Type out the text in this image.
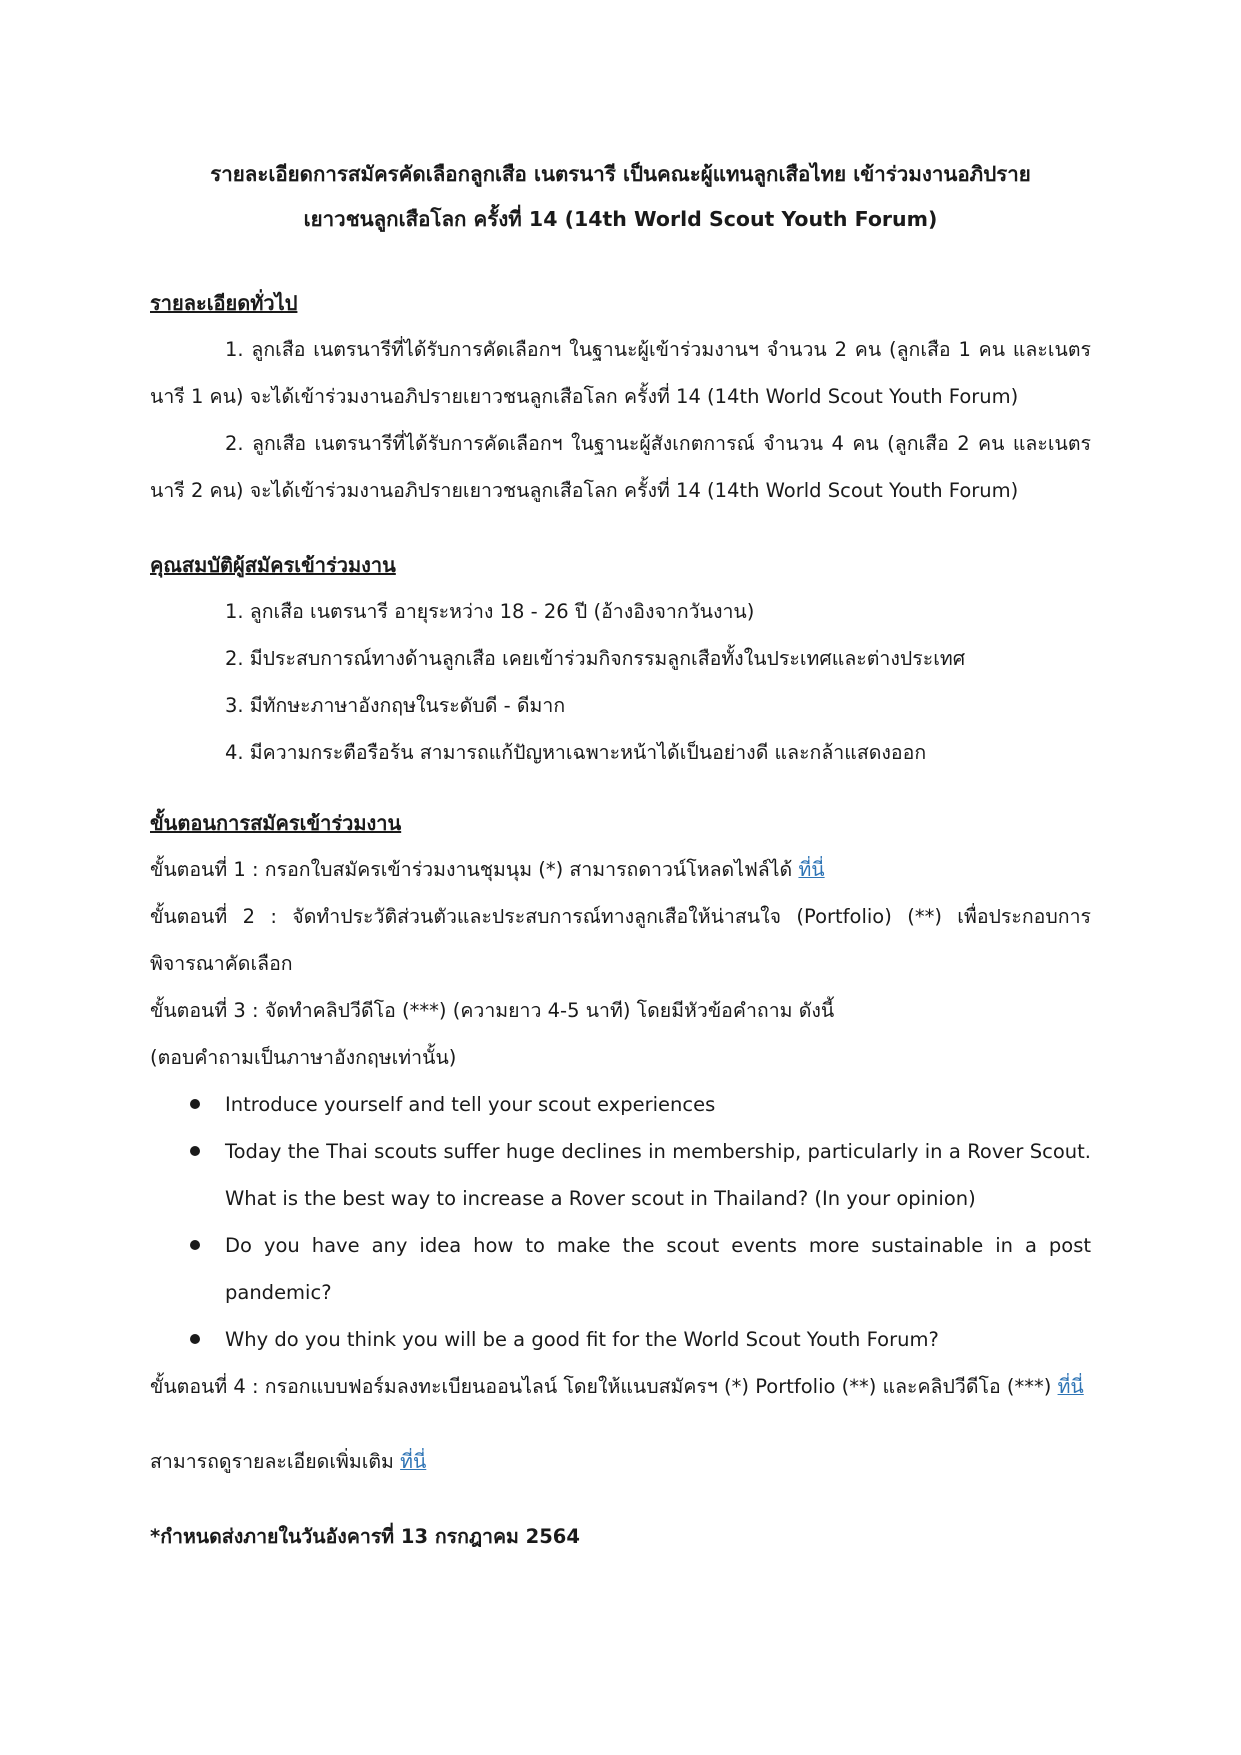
รายละเอียดการสมัครคัดเลือกลูกเสือ เนตรนารี เป็นคณะผู้แทนลูกเสือไทย เข้าร่วมงานอภิปราย

เยาวชนลูกเสือโลก ครั้งที่ 14 (14th World Scout Youth Forum)

รายละเอียดทั่วไป

1. ลูกเสือ เนตรนารีที่ได้รับการคัดเลือกฯ ในฐานะผู้เข้าร่วมงานฯ จำนวน 2 คน (ลูกเสือ 1 คน และเนตรนารี 1 คน) จะได้เข้าร่วมงานอภิปรายเยาวชนลูกเสือโลก ครั้งที่ 14 (14th World Scout Youth Forum)

2. ลูกเสือ เนตรนารีที่ได้รับการคัดเลือกฯ ในฐานะผู้สังเกตการณ์ จำนวน 4 คน (ลูกเสือ 2 คน และเนตรนารี 2 คน) จะได้เข้าร่วมงานอภิปรายเยาวชนลูกเสือโลก ครั้งที่ 14 (14th World Scout Youth Forum)

คุณสมบัติผู้สมัครเข้าร่วมงาน

1. ลูกเสือ เนตรนารี อายุระหว่าง 18 - 26 ปี (อ้างอิงจากวันงาน)

2. มีประสบการณ์ทางด้านลูกเสือ เคยเข้าร่วมกิจกรรมลูกเสือทั้งในประเทศและต่างประเทศ

3. มีทักษะภาษาอังกฤษในระดับดี - ดีมาก

4. มีความกระตือรือร้น สามารถแก้ปัญหาเฉพาะหน้าได้เป็นอย่างดี และกล้าแสดงออก

ขั้นตอนการสมัครเข้าร่วมงาน

ขั้นตอนที่ 1 : กรอกใบสมัครเข้าร่วมงานชุมนุม (*) สามารถดาวน์โหลดไฟล์ได้ ที่นี่

ขั้นตอนที่ 2 : จัดทำประวัติส่วนตัวและประสบการณ์ทางลูกเสือให้น่าสนใจ (Portfolio) (**) เพื่อประกอบการพิจารณาคัดเลือก

ขั้นตอนที่ 3 : จัดทำคลิปวีดีโอ (***) (ความยาว 4-5 นาที) โดยมีหัวข้อคำถาม ดังนี้

(ตอบคำถามเป็นภาษาอังกฤษเท่านั้น)

Introduce yourself and tell your scout experiences
Today the Thai scouts suffer huge declines in membership, particularly in a Rover Scout. What is the best way to increase a Rover scout in Thailand? (In your opinion)
Do you have any idea how to make the scout events more sustainable in a post pandemic?
Why do you think you will be a good fit for the World Scout Youth Forum?

ขั้นตอนที่ 4 : กรอกแบบฟอร์มลงทะเบียนออนไลน์ โดยให้แนบสมัครฯ (*) Portfolio (**) และคลิปวีดีโอ (***) ที่นี่

สามารถดูรายละเอียดเพิ่มเติม ที่นี่

*กำหนดส่งภายในวันอังคารที่ 13 กรกฎาคม 2564
